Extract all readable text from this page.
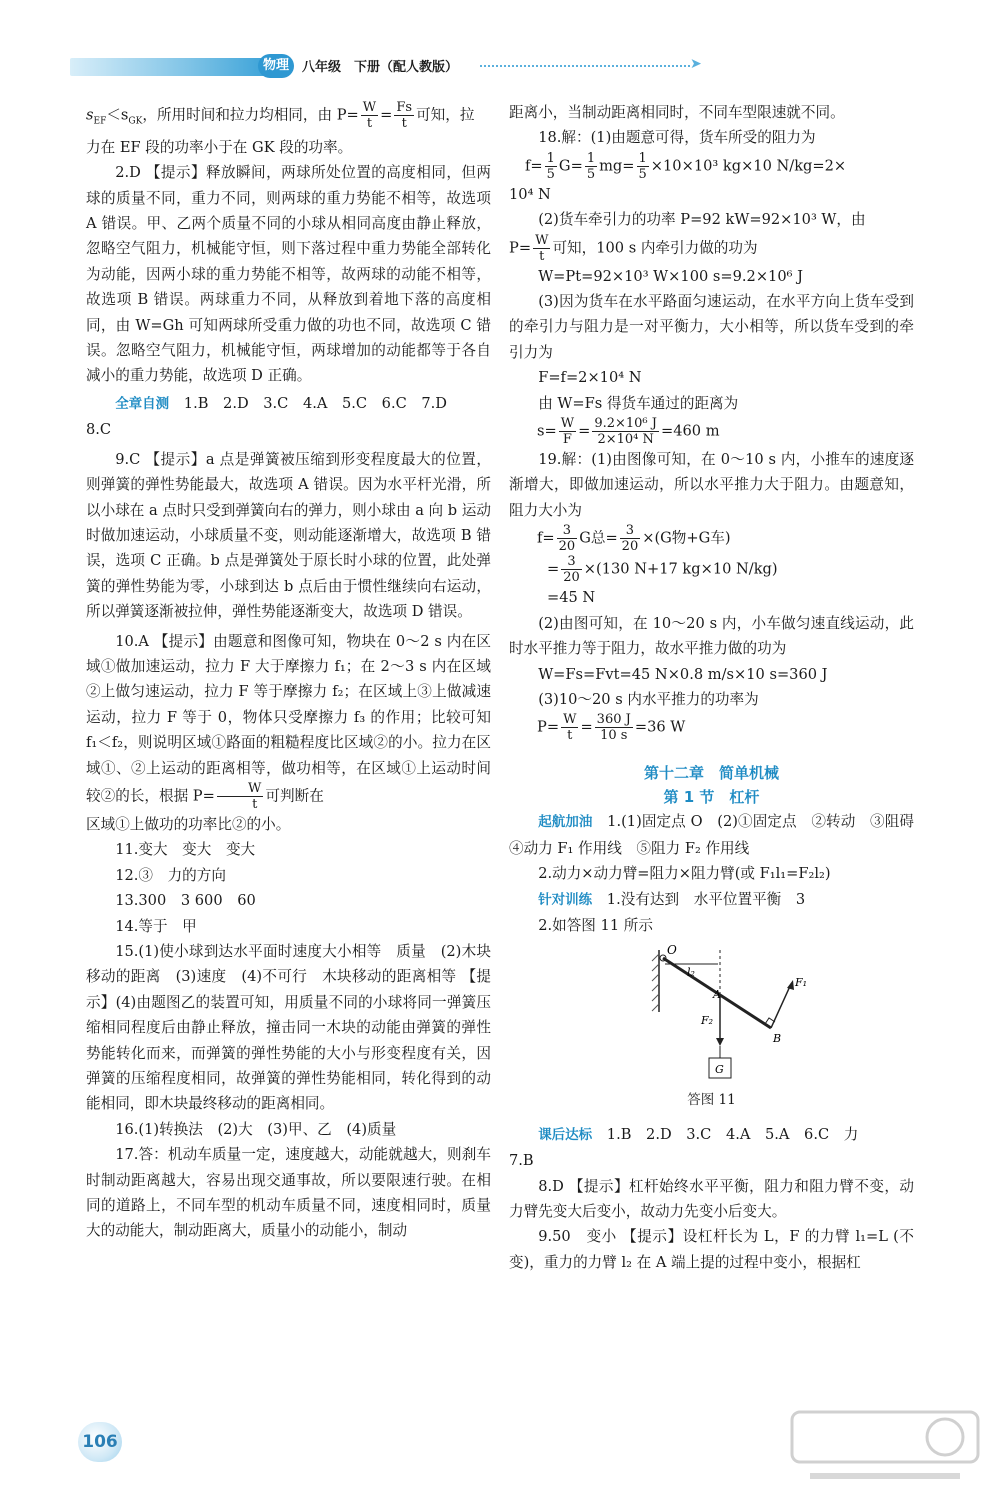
物理	八年级　下册（配人教版）	➤

$s_{EF}<s_{GK}$，所用时间和拉力均相同，由 $P= \frac{W}{t} = \frac{Fs}{t}$ 可知，拉

力在 EF 段的功率小于在 GK 段的功率。

2.D 【提示】释放瞬间，两球所处位置的高度相同，但两球的质量不同，重力不同，则两球的重力势能不相等，故选项 A 错误。甲、乙两个质量不同的小球从相同高度由静止释放，忽略空气阻力，机械能守恒，则下落过程中重力势能全部转化为动能，因两小球的重力势能不相等，故两球的动能不相等，故选项 B 错误。两球重力不同，从释放到着地下落的高度相同，由 W=Gh 可知两球所受重力做的功也不同，故选项 C 错误。忽略空气阻力，机械能守恒，两球增加的动能都等于各自减小的重力势能，故选项 D 正确。

全章自测　 1.B　2.D　3.C　4.A　5.C　6.C　7.D

8.C

9.C 【提示】a 点是弹簧被压缩到形变程度最大的位置，则弹簧的弹性势能最大，故选项 A 错误。因为水平杆光滑，所以小球在 a 点时只受到弹簧向右的弹力，则小球由 a 向 b 运动时做加速运动，小球质量不变，则动能逐渐增大，故选项 B 错误，选项 C 正确。b 点是弹簧处于原长时小球的位置，此处弹簧的弹性势能为零，小球到达 b 点后由于惯性继续向右运动，所以弹簧逐渐被拉伸，弹性势能逐渐变大，故选项 D 错误。

10.A 【提示】由题意和图像可知，物块在 0～2 s 内在区域①做加速运动，拉力 F 大于摩擦力 f₁；在 2～3 s 内在区域②上做匀速运动，拉力 F 等于摩擦力 f₂；在区域上③上做减速运动，拉力 F 等于 0，物体只受摩擦力 f₃ 的作用；比较可知 f₁＜f₂，则说明区域①路面的粗糙程度比区域②的小。拉力在区域①、②上运动的距离相等，做功相等，在区域①上运动时间较②的长，根据 $P= \frac{W}{t}$ 可判断在

区域①上做功的功率比②的小。

11.变大　变大　变大

12.③　力的方向

13.300　3 600　60

14.等于　甲

15.(1)使小球到达水平面时速度大小相等　质量　(2)木块移动的距离　(3)速度　(4)不可行　木块移动的距离相等 【提示】(4)由题图乙的装置可知，用质量不同的小球将同一弹簧压缩相同程度后由静止释放，撞击同一木块的动能由弹簧的弹性势能转化而来，而弹簧的弹性势能的大小与形变程度有关，因弹簧的压缩程度相同，故弹簧的弹性势能相同，转化得到的动能相同，即木块最终移动的距离相同。

16.(1)转换法　(2)大　(3)甲、乙　(4)质量

17.答：机动车质量一定，速度越大，动能就越大，则刹车时制动距离越大，容易出现交通事故，所以要限速行驶。在相同的道路上，不同车型的机动车质量不同，速度相同时，质量大的动能大，制动距离大，质量小的动能小，制动

距离小，当制动距离相同时，不同车型限速就不同。

18.解：(1)由题意可得，货车所受的阻力为

$f= \frac{1}{5} G= \frac{1}{5} mg= \frac{1}{5} \times 10\times 10^3$ kg×10 N/kg=2×

10⁴ N

(2)货车牵引力的功率 P=92 kW=92×10³ W，由

$P= \frac{W}{t}$ 可知，100 s 内牵引力做的功为

W=Pt=92×10³ W×100 s=9.2×10⁶ J

(3)因为货车在水平路面匀速运动，在水平方向上货车受到的牵引力与阻力是一对平衡力，大小相等，所以货车受到的牵引力为

F=f=2×10⁴ N

由 W=Fs 得货车通过的距离为

$s= \frac{W}{F} = \frac{\text{9.2×10⁶ J}}{\text{2×10⁴ N}} =460$ m

19.解：(1)由图像可知，在 0～10 s 内，小推车的速度逐渐增大，即做加速运动，所以水平推力大于阻力。由题意知，阻力大小为

$f= \frac{3}{20}$ G总= $\frac{3}{20} \times(G$物+G车)

= $\frac{3}{20} \times(130$ N+17 kg×10 N/kg)

=45 N

(2)由图可知，在 10～20 s 内，小车做匀速直线运动，此时水平推力等于阻力，故水平推力做的功为

W=Fs=Fvt=45 N×0.8 m/s×10 s=360 J

(3)10～20 s 内水平推力的功率为

$P= \frac{W}{t} = \frac{360 J}{10 s} =36$ W

第十二章　简单机械
第 1 节　杠杆

起航加油　 1.(1)固定点 O　(2)①固定点　②转动　③阻碍　④动力 F₁ 作用线　⑤阻力 F₂ 作用线

2.动力×动力臂=阻力×阻力臂(或 F₁l₁=F₂l₂)

针对训练　 1.没有达到　水平位置平衡　3

2.如答图 11 所示

O
l₂
A
F₁
F₂
B
G
答图 11

课后达标　 1.B　2.D　3.C　4.A　5.A　6.C　力

7.B

8.D 【提示】杠杆始终水平平衡，阻力和阻力臂不变，动力臂先变大后变小，故动力先变小后变大。

9.50　变小 【提示】设杠杆长为 L，F 的力臂 l₁=L (不变)，重力的力臂 l₂ 在 A 端上提的过程中变小，根据杠

106
